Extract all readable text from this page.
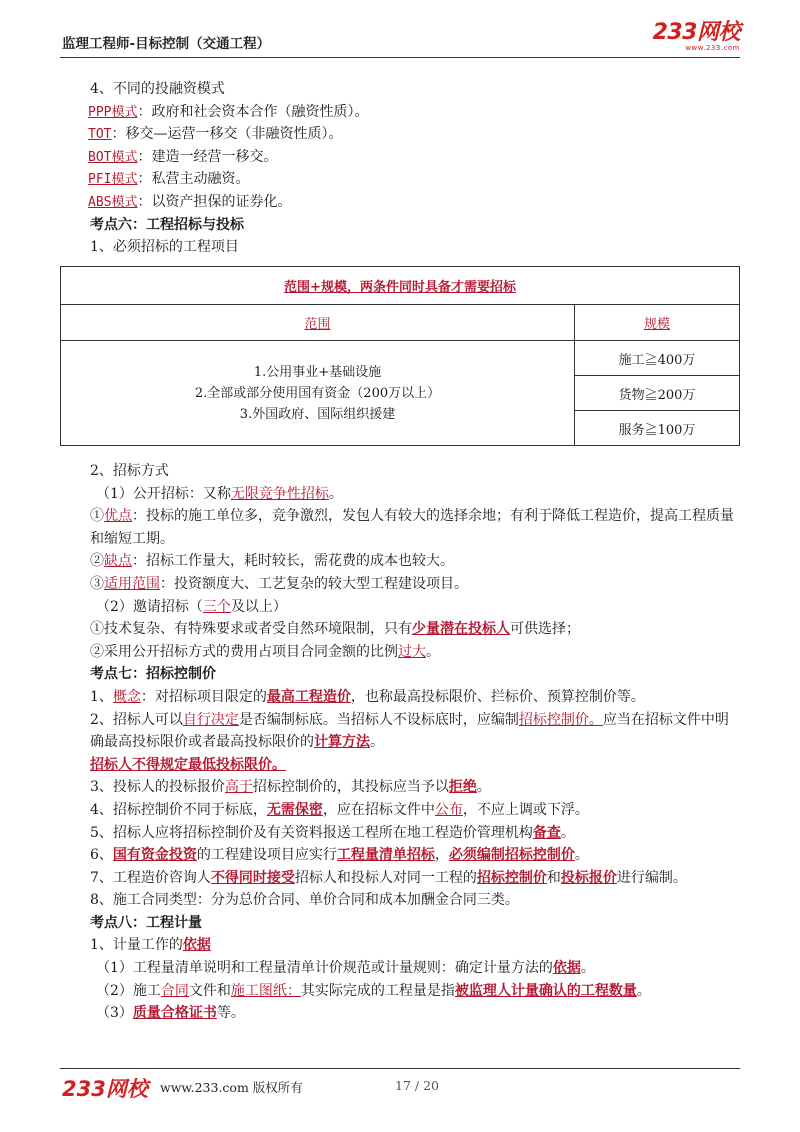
监理工程师-目标控制（交通工程）	233网校
www.233.com
4、不同的投融资模式
PPP模式：政府和社会资本合作（融资性质）。
TOT：移交—运营一移交（非融资性质）。
BOT模式：建造一经营一移交。
PFI模式：私营主动融资。
ABS模式：以资产担保的证券化。
考点六：工程招标与投标
1、必须招标的工程项目
范围+规模，两条件同时具备才需要招标	
范围	规模

1.公用事业+基础设施
2.全部或部分使用国有资金（200万以上）
3.外国政府、国际组织援建	施工≧400万
	货物≧200万
	服务≧100万
2、招标方式
（1）公开招标：又称无限竞争性招标。
①优点：投标的施工单位多，竞争激烈，发包人有较大的选择余地；有利于降低工程造价，提高工程质量和缩短工期。
②缺点：招标工作量大，耗时较长，需花费的成本也较大。
③适用范围：投资额度大、工艺复杂的较大型工程建设项目。
（2）邀请招标（三个及以上）
①技术复杂、有特殊要求或者受自然环境限制，只有少量潜在投标人可供选择；
②采用公开招标方式的费用占项目合同金额的比例过大。
考点七：招标控制价
1、概念：对招标项目限定的最高工程造价，也称最高投标限价、拦标价、预算控制价等。
2、招标人可以自行决定是否编制标底。当招标人不设标底时，应编制招标控制价。应当在招标文件中明确最高投标限价或者最高投标限价的计算方法。
招标人不得规定最低投标限价。
3、投标人的投标报价高于招标控制价的，其投标应当予以拒绝。
4、招标控制价不同于标底，无需保密，应在招标文件中公布，不应上调或下浮。
5、招标人应将招标控制价及有关资料报送工程所在地工程造价管理机构备查。
6、国有资金投资的工程建设项目应实行工程量清单招标，必须编制招标控制价。
7、工程造价咨询人不得同时接受招标人和投标人对同一工程的招标控制价和投标报价进行编制。
8、施工合同类型：分为总价合同、单价合同和成本加酬金合同三类。
考点八：工程计量
1、计量工作的依据
（1）工程量清单说明和工程量清单计价规范或计量规则：确定计量方法的依据。
（2）施工合同文件和施工图纸：其实际完成的工程量是指被监理人计量确认的工程数量。
（3）质量合格证书等。
233网校 www.233.com 版权所有	17 / 20
